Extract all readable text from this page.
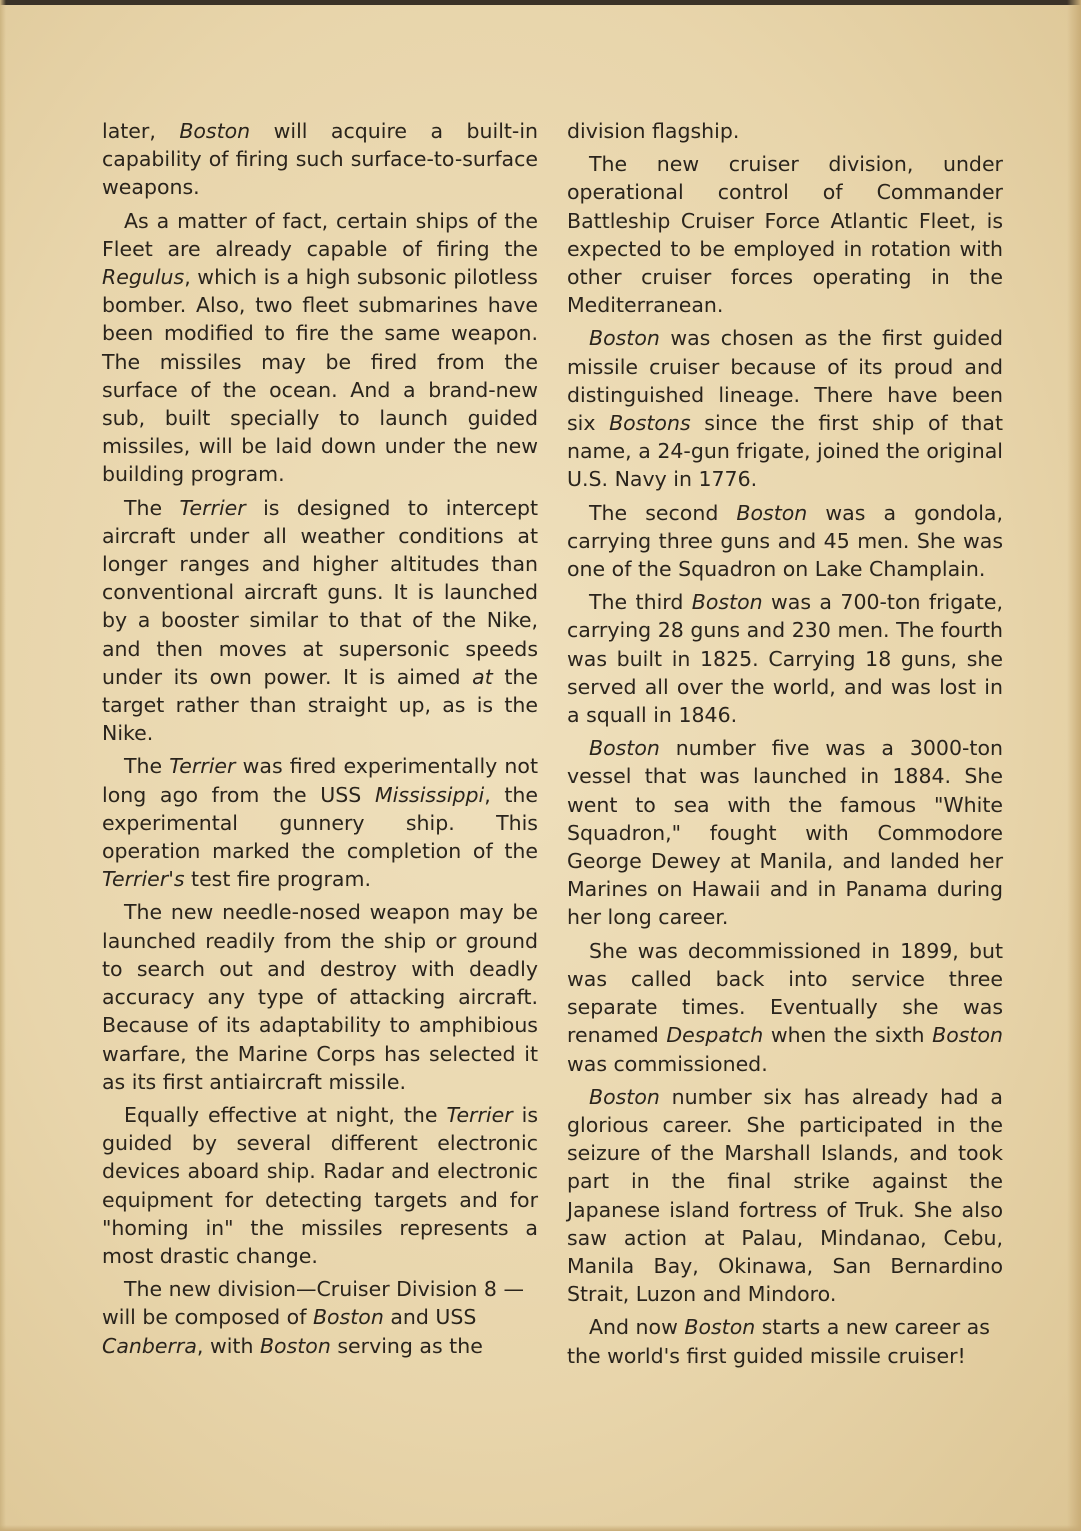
later, Boston will acquire a built-in capability of firing such surface-to-surface weapons.

As a matter of fact, certain ships of the Fleet are already capable of firing the Regulus, which is a high subsonic pilotless bomber. Also, two fleet submarines have been modified to fire the same weapon. The missiles may be fired from the surface of the ocean. And a brand-new sub, built specially to launch guided missiles, will be laid down under the new building program.

The Terrier is designed to intercept aircraft under all weather conditions at longer ranges and higher altitudes than conventional aircraft guns. It is launched by a booster similar to that of the Nike, and then moves at supersonic speeds under its own power. It is aimed at the target rather than straight up, as is the Nike.

The Terrier was fired experimentally not long ago from the USS Mississippi, the experimental gunnery ship. This operation marked the completion of the Terrier's test fire program.

The new needle-nosed weapon may be launched readily from the ship or ground to search out and destroy with deadly accuracy any type of attacking aircraft. Because of its adaptability to amphibious warfare, the Marine Corps has selected it as its first antiaircraft missile.

Equally effective at night, the Terrier is guided by several different electronic devices aboard ship. Radar and electronic equipment for detecting targets and for "homing in" the missiles represents a most drastic change.

The new division—Cruiser Division 8 —will be composed of Boston and USS Canberra, with Boston serving as the

division flagship.

The new cruiser division, under operational control of Commander Battleship Cruiser Force Atlantic Fleet, is expected to be employed in rotation with other cruiser forces operating in the Mediterranean.

Boston was chosen as the first guided missile cruiser because of its proud and distinguished lineage. There have been six Bostons since the first ship of that name, a 24-gun frigate, joined the original U.S. Navy in 1776.

The second Boston was a gondola, carrying three guns and 45 men. She was one of the Squadron on Lake Champlain.

The third Boston was a 700-ton frigate, carrying 28 guns and 230 men. The fourth was built in 1825. Carrying 18 guns, she served all over the world, and was lost in a squall in 1846.

Boston number five was a 3000-ton vessel that was launched in 1884. She went to sea with the famous "White Squadron," fought with Commodore George Dewey at Manila, and landed her Marines on Hawaii and in Panama during her long career.

She was decommissioned in 1899, but was called back into service three separate times. Eventually she was renamed Despatch when the sixth Boston was commissioned.

Boston number six has already had a glorious career. She participated in the seizure of the Marshall Islands, and took part in the final strike against the Japanese island fortress of Truk. She also saw action at Palau, Mindanao, Cebu, Manila Bay, Okinawa, San Bernardino Strait, Luzon and Mindoro.

And now Boston starts a new career as the world's first guided missile cruiser!
